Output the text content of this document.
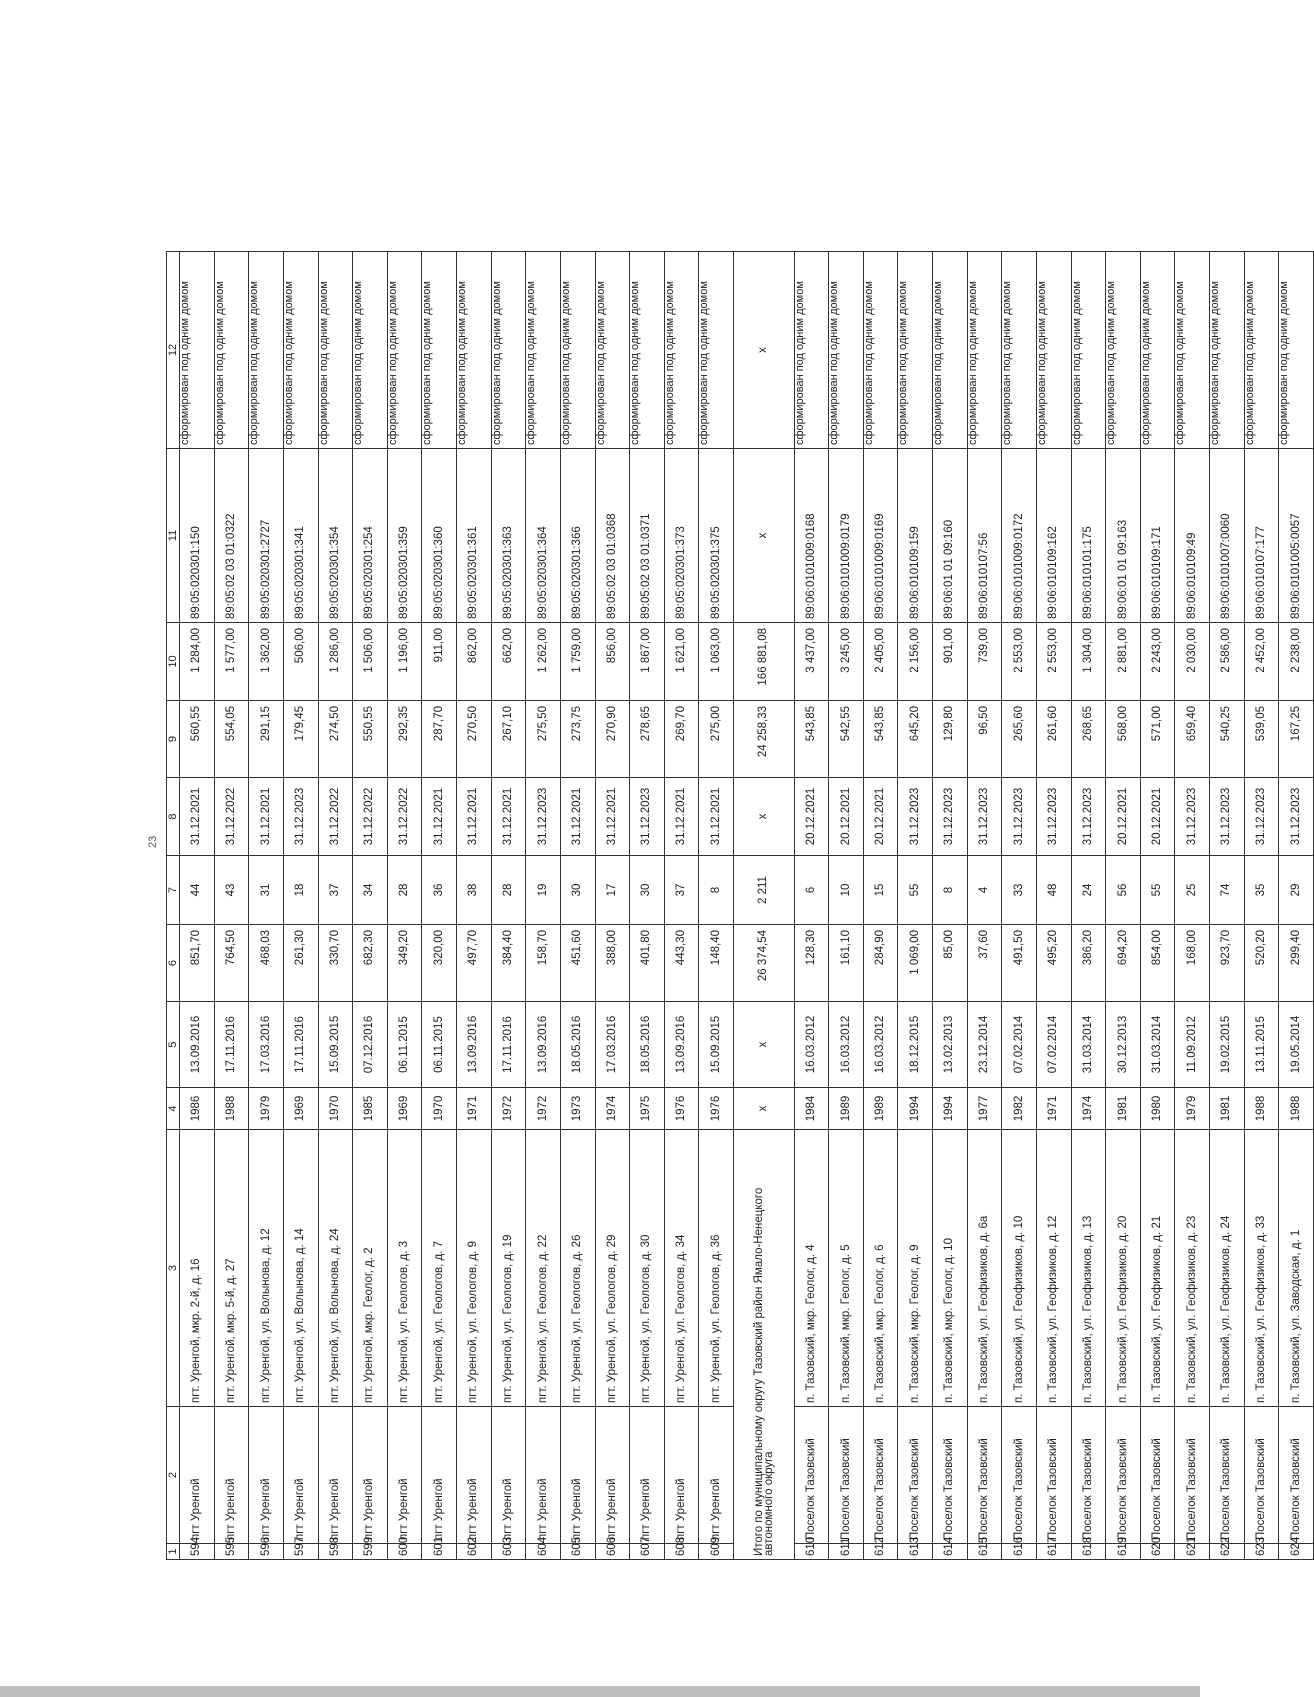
23
1	2	3	4	5	6	7	8	9	10	11	12
594	пгт Уренгой	пгт. Уренгой, мкр. 2-й, д. 16	1986	13.09.2016	851,70	44	31.12.2021	560,55	1 284,00	89:05:020301:150	сформирован под одним домом
595	пгт Уренгой	пгт. Уренгой, мкр. 5-й, д. 27	1988	17.11.2016	764,50	43	31.12.2022	554,05	1 577,00	89:05:02 03 01:0322	сформирован под одним домом
596	пгт Уренгой	пгт. Уренгой, ул. Волынова, д. 12	1979	17.03.2016	468,03	31	31.12.2021	291,15	1 362,00	89:05:020301:2727	сформирован под одним домом
597	пгт Уренгой	пгт. Уренгой, ул. Волынова, д. 14	1969	17.11.2016	261,30	18	31.12.2023	179,45	506,00	89:05:020301:341	сформирован под одним домом
598	пгт Уренгой	пгт. Уренгой, ул. Волынова, д. 24	1970	15.09.2015	330,70	37	31.12.2022	274,50	1 286,00	89:05:020301:354	сформирован под одним домом
599	пгт Уренгой	пгт. Уренгой, мкр. Геолог, д. 2	1985	07.12.2016	682,30	34	31.12.2022	550,55	1 506,00	89:05:020301:254	сформирован под одним домом
600	пгт Уренгой	пгт. Уренгой, ул. Геологов, д. 3	1969	06.11.2015	349,20	28	31.12.2022	292,35	1 196,00	89:05:020301:359	сформирован под одним домом
601	пгт Уренгой	пгт. Уренгой, ул. Геологов, д. 7	1970	06.11.2015	320,00	36	31.12.2021	287,70	911,00	89:05:020301:360	сформирован под одним домом
602	пгт Уренгой	пгт. Уренгой, ул. Геологов, д. 9	1971	13.09.2016	497,70	38	31.12.2021	270,50	862,00	89:05:020301:361	сформирован под одним домом
603	пгт Уренгой	пгт. Уренгой, ул. Геологов, д. 19	1972	17.11.2016	384,40	28	31.12.2021	267,10	662,00	89:05:020301:363	сформирован под одним домом
604	пгт Уренгой	пгт. Уренгой, ул. Геологов, д. 22	1972	13.09.2016	158,70	19	31.12.2023	275,50	1 262,00	89:05:020301:364	сформирован под одним домом
605	пгт Уренгой	пгт. Уренгой, ул. Геологов, д. 26	1973	18.05.2016	451,60	30	31.12.2021	273,75	1 759,00	89:05:020301:366	сформирован под одним домом
606	пгт Уренгой	пгт. Уренгой, ул. Геологов, д. 29	1974	17.03.2016	388,00	17	31.12.2021	270,90	856,00	89:05:02 03 01:0368	сформирован под одним домом
607	пгт Уренгой	пгт. Уренгой, ул. Геологов, д. 30	1975	18.05.2016	401,80	30	31.12.2023	278,65	1 867,00	89:05:02 03 01:0371	сформирован под одним домом
608	пгт Уренгой	пгт. Уренгой, ул. Геологов, д. 34	1976	13.09.2016	443,30	37	31.12.2021	269,70	1 621,00	89:05:020301:373	сформирован под одним домом
609	пгт Уренгой	пгт. Уренгой, ул. Геологов, д. 36	1976	15.09.2015	148,40	8	31.12.2021	275,00	1 063,00	89:05:020301:375	сформирован под одним домом
Итого по муниципальному округу Тазовский район Ямало-Ненецкого автономного округа			x	x	26 374,54	2 211	x	24 258,33	166 881,08	x	x
610	Поселок Тазовский	п. Тазовский, мкр. Геолог, д. 4	1984	16.03.2012	128,30	6	20.12.2021	543,85	3 437,00	89:06:0101009:0168	сформирован под одним домом
611	Поселок Тазовский	п. Тазовский, мкр. Геолог, д. 5	1989	16.03.2012	161,10	10	20.12.2021	542,55	3 245,00	89:06:0101009:0179	сформирован под одним домом
612	Поселок Тазовский	п. Тазовский, мкр. Геолог, д. 6	1989	16.03.2012	284,90	15	20.12.2021	543,85	2 405,00	89:06:0101009:0169	сформирован под одним домом
613	Поселок Тазовский	п. Тазовский, мкр. Геолог, д. 9	1994	18.12.2015	1 069,00	55	31.12.2023	645,20	2 156,00	89:06:010109:159	сформирован под одним домом
614	Поселок Тазовский	п. Тазовский, мкр. Геолог, д. 10	1994	13.02.2013	85,00	8	31.12.2023	129,80	901,00	89:06:01 01 09:160	сформирован под одним домом
615	Поселок Тазовский	п. Тазовский, ул. Геофизиков, д. 6а	1977	23.12.2014	37,60	4	31.12.2023	96,50	739,00	89:06:010107:56	сформирован под одним домом
616	Поселок Тазовский	п. Тазовский, ул. Геофизиков, д. 10	1982	07.02.2014	491,50	33	31.12.2023	265,60	2 553,00	89:06:0101009:0172	сформирован под одним домом
617	Поселок Тазовский	п. Тазовский, ул. Геофизиков, д. 12	1971	07.02.2014	495,20	48	31.12.2023	261,60	2 553,00	89:06:010109:162	сформирован под одним домом
618	Поселок Тазовский	п. Тазовский, ул. Геофизиков, д. 13	1974	31.03.2014	386,20	24	31.12.2023	268,65	1 304,00	89:06:010101:175	сформирован под одним домом
619	Поселок Тазовский	п. Тазовский, ул. Геофизиков, д. 20	1981	30.12.2013	694,20	56	20.12.2021	568,00	2 881,00	89:06:01 01 09:163	сформирован под одним домом
620	Поселок Тазовский	п. Тазовский, ул. Геофизиков, д. 21	1980	31.03.2014	854,00	55	20.12.2021	571,00	2 243,00	89:06:010109:171	сформирован под одним домом
621	Поселок Тазовский	п. Тазовский, ул. Геофизиков, д. 23	1979	11.09.2012	168,00	25	31.12.2023	659,40	2 030,00	89:06:010109:49	сформирован под одним домом
622	Поселок Тазовский	п. Тазовский, ул. Геофизиков, д. 24	1981	19.02.2015	923,70	74	31.12.2023	540,25	2 586,00	89:06:0101007:0060	сформирован под одним домом
623	Поселок Тазовский	п. Тазовский, ул. Геофизиков, д. 33	1988	13.11.2015	520,20	35	31.12.2023	539,05	2 452,00	89:06:010107:177	сформирован под одним домом
624	Поселок Тазовский	п. Тазовский, ул. Заводская, д. 1	1988	19.05.2014	299,40	29	31.12.2023	167,25	2 238,00	89:06:0101005:0057	сформирован под одним домом
